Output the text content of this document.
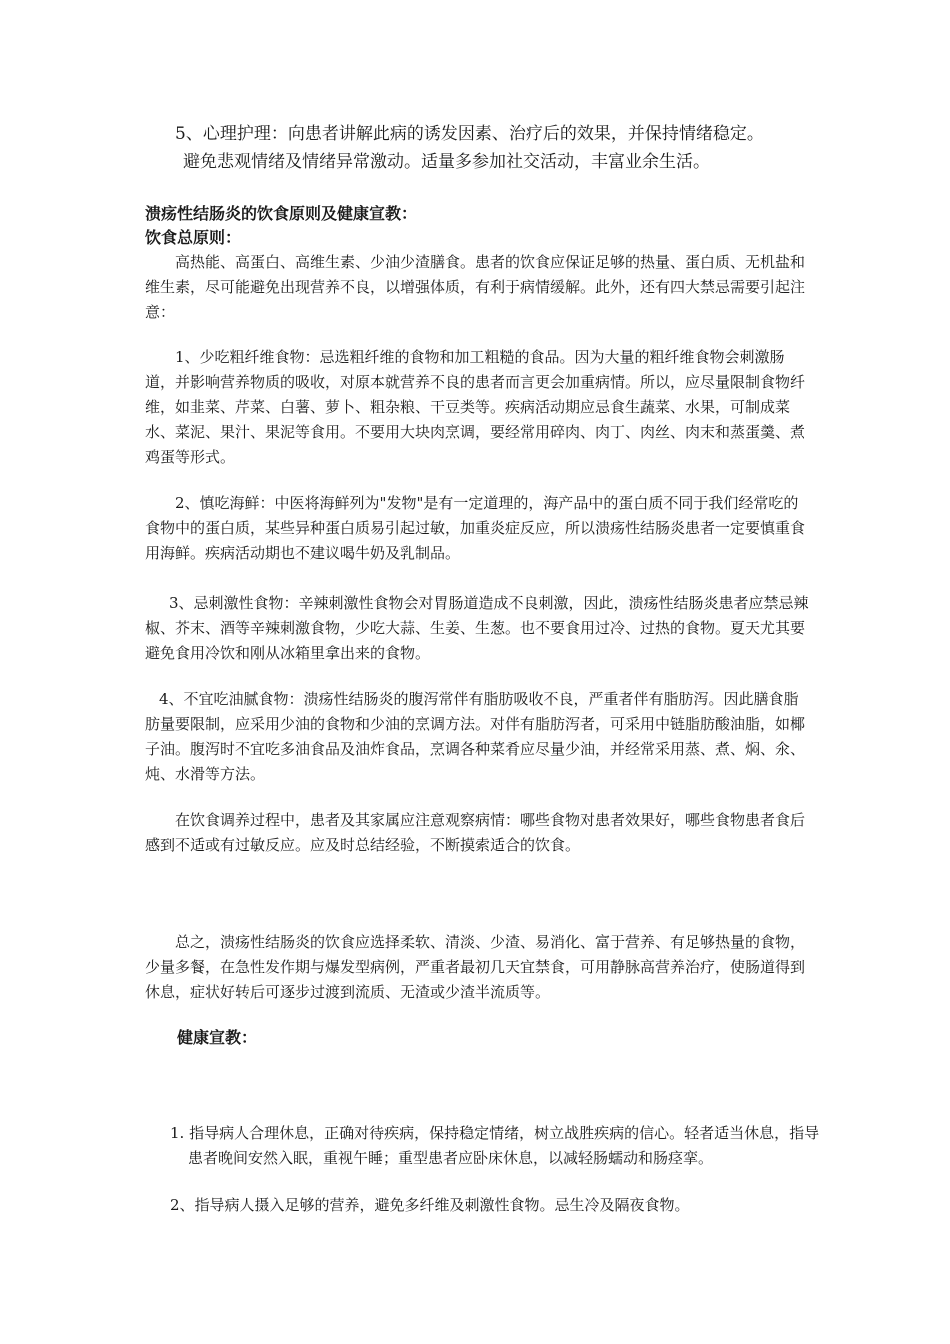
5、心理护理：向患者讲解此病的诱发因素、治疗后的效果，并保持情绪稳定。
避免悲观情绪及情绪异常激动。适量多参加社交活动，丰富业余生活。

溃疡性结肠炎的饮食原则及健康宣教：
饮食总原则：

高热能、高蛋白、高维生素、少油少渣膳食。患者的饮食应保证足够的热量、蛋白质、无机盐和维生素，尽可能避免出现营养不良，以增强体质，有利于病情缓解。此外，还有四大禁忌需要引起注意：

1、少吃粗纤维食物：忌选粗纤维的食物和加工粗糙的食品。因为大量的粗纤维食物会刺激肠道，并影响营养物质的吸收，对原本就营养不良的患者而言更会加重病情。所以，应尽量限制食物纤维，如韭菜、芹菜、白薯、萝卜、粗杂粮、干豆类等。疾病活动期应忌食生蔬菜、水果，可制成菜水、菜泥、果汁、果泥等食用。不要用大块肉烹调，要经常用碎肉、肉丁、肉丝、肉末和蒸蛋羹、煮鸡蛋等形式。

2、慎吃海鲜：中医将海鲜列为"发物"是有一定道理的，海产品中的蛋白质不同于我们经常吃的食物中的蛋白质，某些异种蛋白质易引起过敏，加重炎症反应，所以溃疡性结肠炎患者一定要慎重食用海鲜。疾病活动期也不建议喝牛奶及乳制品。

3、忌刺激性食物：辛辣刺激性食物会对胃肠道造成不良刺激，因此，溃疡性结肠炎患者应禁忌辣椒、芥末、酒等辛辣刺激食物，少吃大蒜、生姜、生葱。也不要食用过冷、过热的食物。夏天尤其要避免食用冷饮和刚从冰箱里拿出来的食物。

4、不宜吃油腻食物：溃疡性结肠炎的腹泻常伴有脂肪吸收不良，严重者伴有脂肪泻。因此膳食脂肪量要限制，应采用少油的食物和少油的烹调方法。对伴有脂肪泻者，可采用中链脂肪酸油脂，如椰子油。腹泻时不宜吃多油食品及油炸食品，烹调各种菜肴应尽量少油，并经常采用蒸、煮、焖、氽、炖、水滑等方法。

在饮食调养过程中，患者及其家属应注意观察病情：哪些食物对患者效果好，哪些食物患者食后感到不适或有过敏反应。应及时总结经验，不断摸索适合的饮食。

总之，溃疡性结肠炎的饮食应选择柔软、清淡、少渣、易消化、富于营养、有足够热量的食物，少量多餐，在急性发作期与爆发型病例，严重者最初几天宜禁食，可用静脉高营养治疗，使肠道得到休息，症状好转后可逐步过渡到流质、无渣或少渣半流质等。

健康宣教：

1. 指导病人合理休息，正确对待疾病，保持稳定情绪，树立战胜疾病的信心。轻者适当休息，指导患者晚间安然入眠，重视午睡；重型患者应卧床休息，以减轻肠蠕动和肠痉挛。

2、指导病人摄入足够的营养，避免多纤维及刺激性食物。忌生冷及隔夜食物。
